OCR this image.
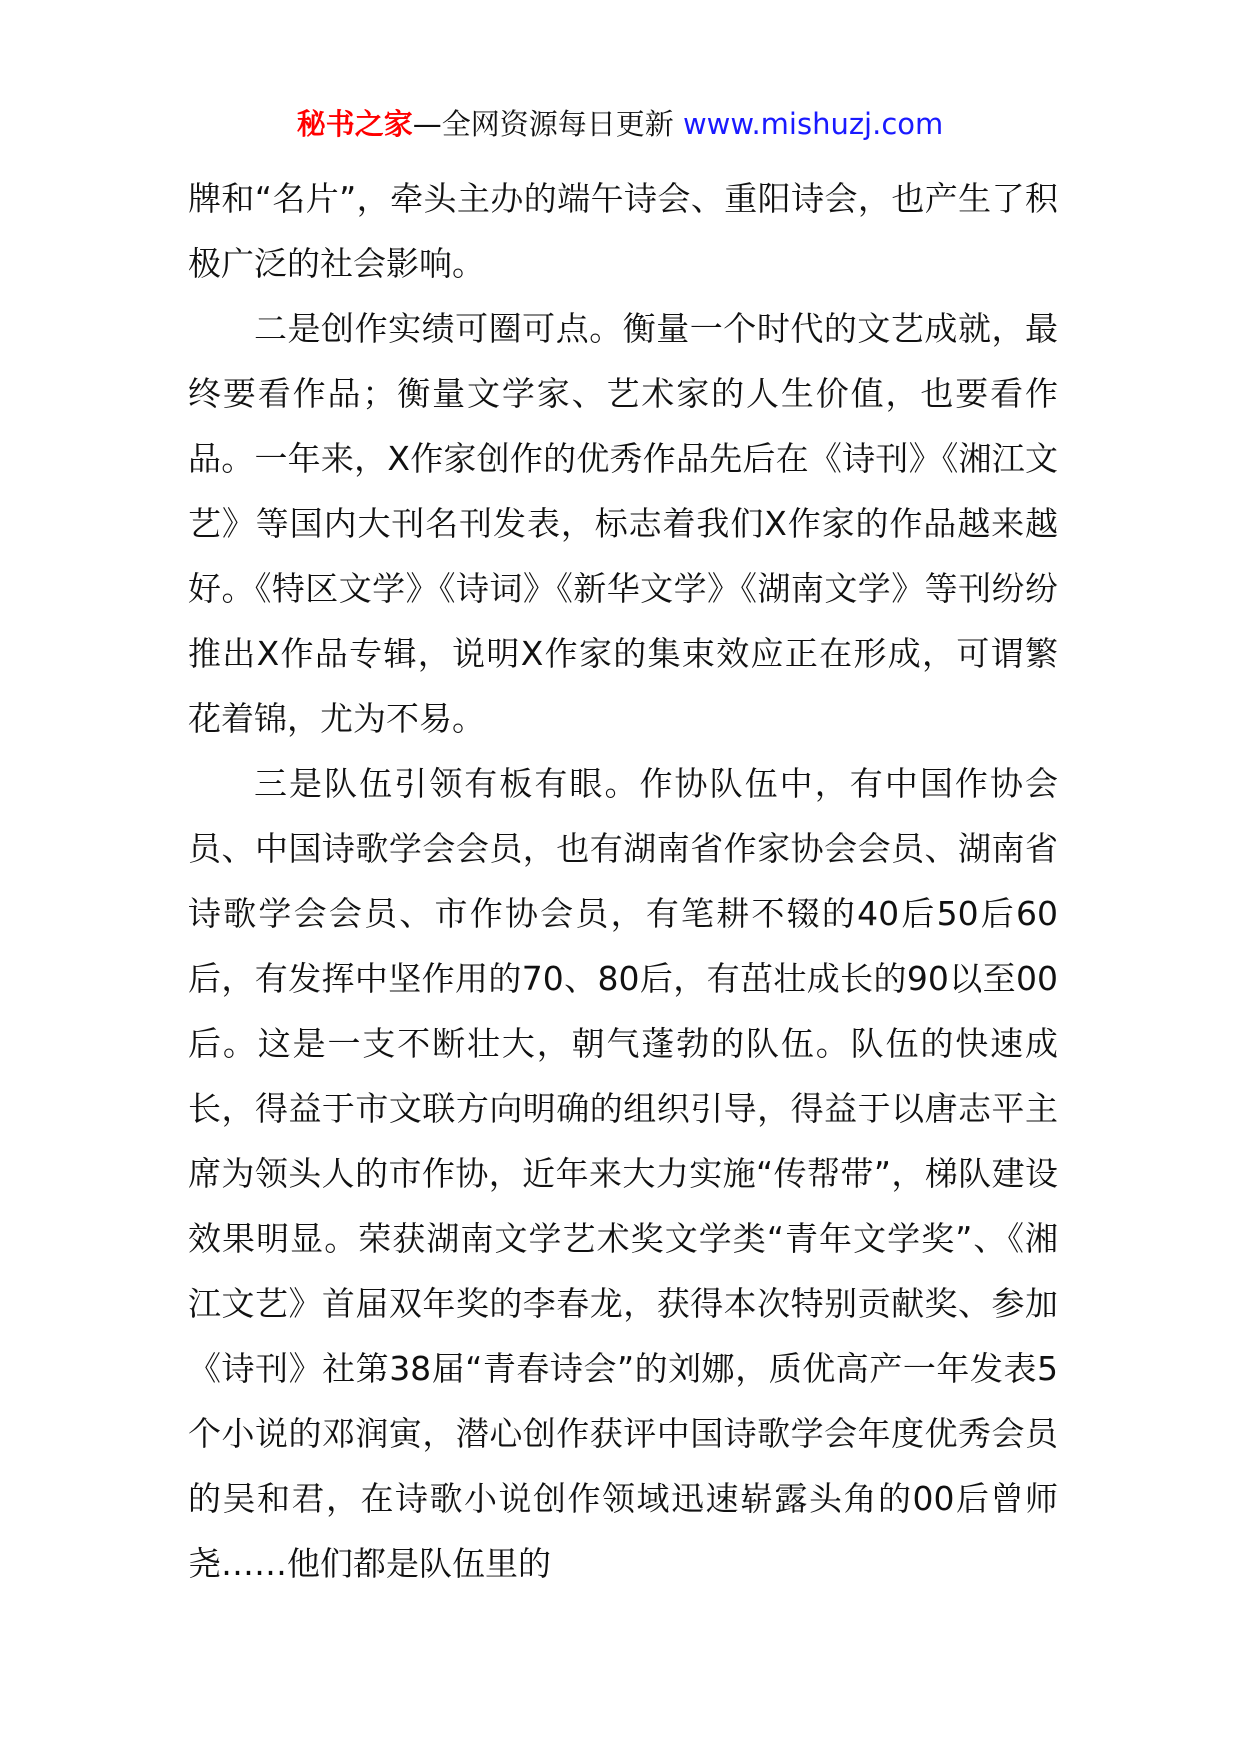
秘书之家—全网资源每日更新 www.mishuzj.com

牌和“名片”，牵头主办的端午诗会、重阳诗会，也产生了积极广泛的社会影响。

二是创作实绩可圈可点。衡量一个时代的文艺成就，最终要看作品；衡量文学家、艺术家的人生价值，也要看作品。一年来，X作家创作的优秀作品先后在《诗刊》《湘江文艺》等国内大刊名刊发表，标志着我们X作家的作品越来越好。《特区文学》《诗词》《新华文学》《湖南文学》等刊纷纷推出X作品专辑，说明X作家的集束效应正在形成，可谓繁花着锦，尤为不易。

三是队伍引领有板有眼。作协队伍中，有中国作协会员、中国诗歌学会会员，也有湖南省作家协会会员、湖南省诗歌学会会员、市作协会员，有笔耕不辍的40后50后60后，有发挥中坚作用的70、80后，有茁壮成长的90以至00后。这是一支不断壮大，朝气蓬勃的队伍。队伍的快速成长，得益于市文联方向明确的组织引导，得益于以唐志平主席为领头人的市作协，近年来大力实施“传帮带”，梯队建设效果明显。荣获湖南文学艺术奖文学类“青年文学奖”、《湘江文艺》首届双年奖的李春龙，获得本次特别贡献奖、参加《诗刊》社第38届“青春诗会”的刘娜，质优高产一年发表5个小说的邓润寅，潜心创作获评中国诗歌学会年度优秀会员的吴和君，在诗歌小说创作领域迅速崭露头角的00后曾师尧……他们都是队伍里的
